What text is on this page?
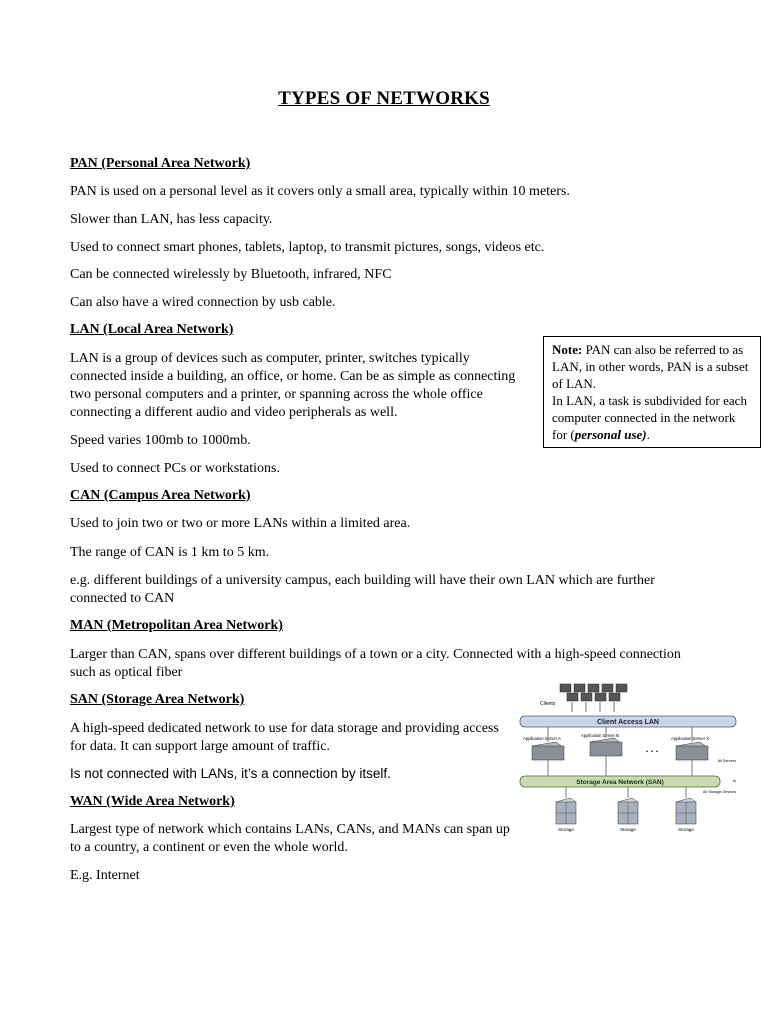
TYPES OF NETWORKS
PAN (Personal Area Network)
PAN is used on a personal level as it covers only a small area, typically within 10 meters.
Slower than LAN, has less capacity.
Used to connect smart phones, tablets, laptop, to transmit pictures, songs, videos etc.
Can be connected wirelessly by Bluetooth, infrared, NFC
Can also have a wired connection by usb cable.
LAN (Local Area Network)
LAN is a group of devices such as computer, printer, switches typically connected inside a building, an office, or home. Can be as simple as connecting two personal computers and a printer, or spanning across the whole office connecting a different audio and video peripherals as well.
Speed varies 100mb to 1000mb.
Used to connect PCs or workstations.
Note: PAN can also be referred to as LAN, in other words, PAN is a subset of LAN.
In LAN, a task is subdivided for each computer connected in the network for (personal use).
CAN (Campus Area Network)
Used to join two or two or more LANs within a limited area.
The range of CAN is 1 km to 5 km.
e.g. different buildings of a university campus, each building will have their own LAN which are further connected to CAN
MAN (Metropolitan Area Network)
Larger than CAN, spans over different buildings of a town or a city. Connected with a high-speed connection such as optical fiber
SAN (Storage Area Network)
A high-speed dedicated network to use for data storage and providing access for data. It can support large amount of traffic.
Is not connected with LANs, it’s a connection by itself.
WAN (Wide Area Network)
Largest type of network which contains LANs, CANs, and MANs can span up to a country, a continent or even the whole world.
E.g. Internet
Clients
Client Access LAN
Application Server A
Application Server B
Application Server X
. . .
All Servers
to
All Storage Devices
Storage Area Network (SAN)
Storage	Storage	Storage
